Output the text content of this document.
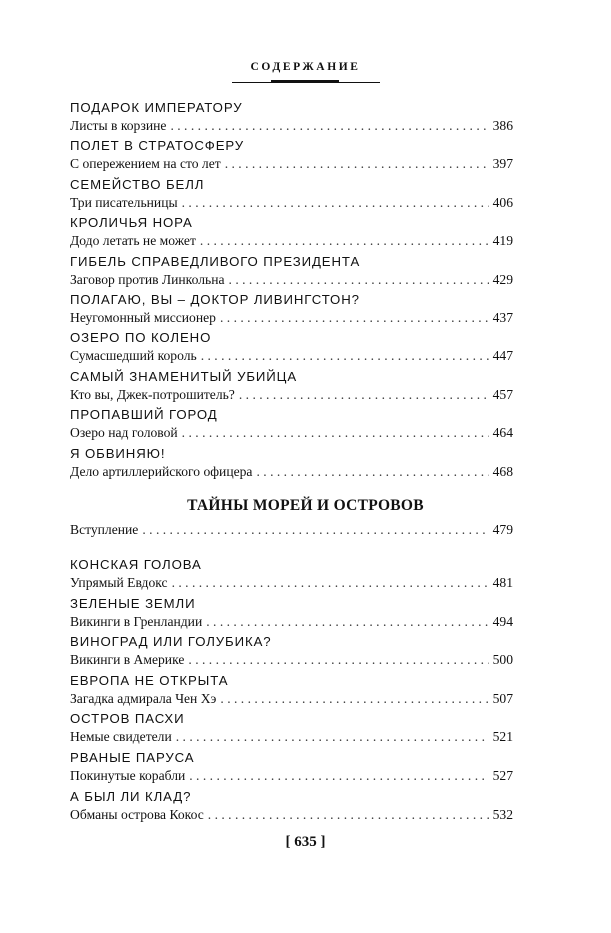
СОДЕРЖАНИЕ
ПОДАРОК ИМПЕРАТОРУ
Листы в корзине . . .	386
ПОЛЕТ В СТРАТОСФЕРУ
С опережением на сто лет . . .	397
СЕМЕЙСТВО БЕЛЛ
Три писательницы . . .	406
КРОЛИЧЬЯ НОРА
Додо летать не может . . .	419
ГИБЕЛЬ СПРАВЕДЛИВОГО ПРЕЗИДЕНТА
Заговор против Линкольна . . .	429
ПОЛАГАЮ, ВЫ – ДОКТОР ЛИВИНГСТОН?
Неугомонный миссионер . . .	437
ОЗЕРО ПО КОЛЕНО
Сумасшедший король . . .	447
САМЫЙ ЗНАМЕНИТЫЙ УБИЙЦА
Кто вы, Джек-потрошитель? . . .	457
ПРОПАВШИЙ ГОРОД
Озеро над головой . . .	464
Я ОБВИНЯЮ!
Дело артиллерийского офицера . . .	468
ТАЙНЫ МОРЕЙ И ОСТРОВОВ
Вступление . . .	479
КОНСКАЯ ГОЛОВА
Упрямый Евдокс . . .	481
ЗЕЛЕНЫЕ ЗЕМЛИ
Викинги в Гренландии . . .	494
ВИНОГРАД ИЛИ ГОЛУБИКА?
Викинги в Америке . . .	500
ЕВРОПА НЕ ОТКРЫТА
Загадка адмирала Чен Хэ . . .	507
ОСТРОВ ПАСХИ
Немые свидетели . . .	521
РВАНЫЕ ПАРУСА
Покинутые корабли . . .	527
А БЫЛ ЛИ КЛАД?
Обманы острова Кокос . . .	532
[ 635 ]
